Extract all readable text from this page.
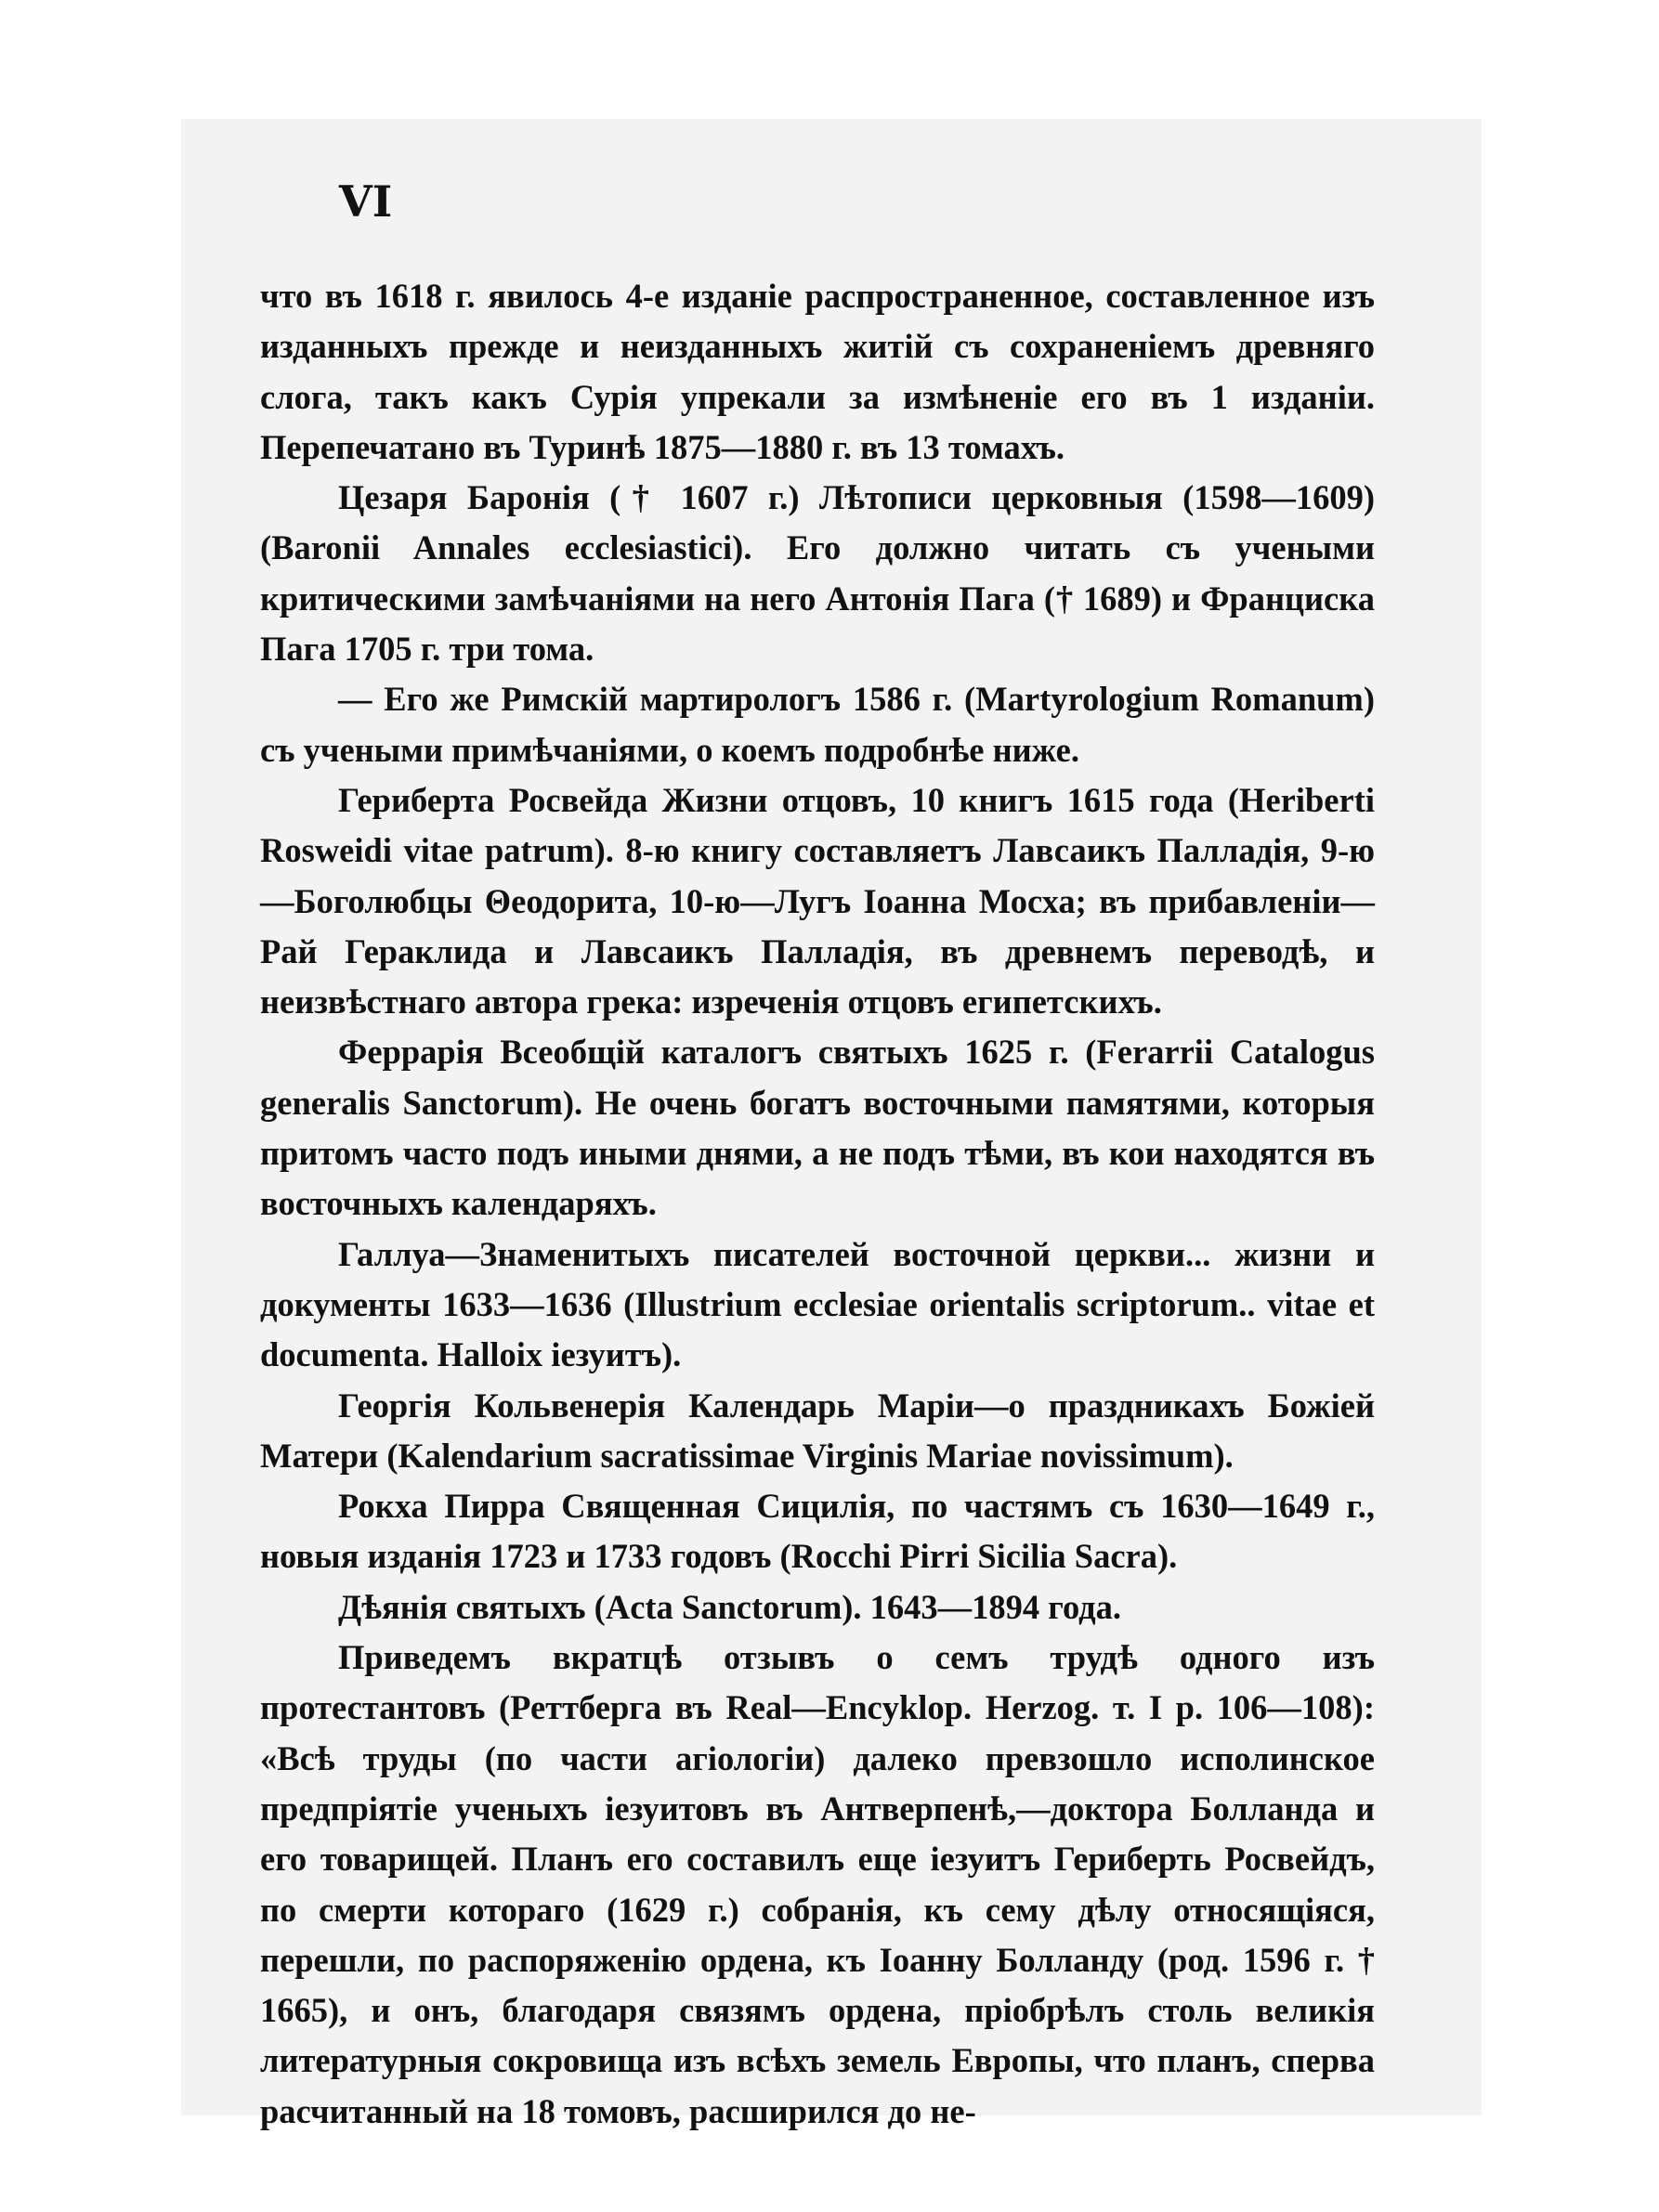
VI

что въ 1618 г. явилось 4-е изданіе распространенное, составленное изъ изданныхъ прежде и неизданныхъ житій съ сохраненіемъ древняго слога, такъ какъ Сурія упрекали за измѣненіе его въ 1 изданіи. Перепечатано въ Туринѣ 1875—1880 г. въ 13 томахъ.

Цезаря Баронія († 1607 г.) Лѣтописи церковныя (1598—1609) (Baronii Annales ecclesiastici). Его должно читать съ учеными критическими замѣчаніями на него Антонія Пага († 1689) и Франциска Пага 1705 г. три тома.

— Его же Римскій мартирологъ 1586 г. (Martyrologium Romanum) съ учеными примѣчаніями, о коемъ подробнѣе ниже.

Гериберта Росвейда Жизни отцовъ, 10 книгъ 1615 года (Heriberti Rosweidi vitae patrum). 8-ю книгу составляетъ Лавсаикъ Палладія, 9-ю—Боголюбцы Θеодорита, 10-ю—Лугъ Іоанна Мосха; въ прибавленіи—Рай Гераклида и Лавсаикъ Палладія, въ древнемъ переводѣ, и неизвѣстнаго автора грека: изреченія отцовъ египетскихъ.

Феррарія Всеобщій каталогъ святыхъ 1625 г. (Ferarrii Catalogus generalis Sanctorum). Не очень богатъ восточными памятями, которыя притомъ часто подъ иными днями, а не подъ тѣми, въ кои находятся въ восточныхъ календаряхъ.

Галлуа—Знаменитыхъ писателей восточной церкви... жизни и документы 1633—1636 (Illustrium ecclesiae orientalis scriptorum.. vitae et documenta. Halloix іезуитъ).

Георгія Кольвенерія Календарь Маріи—о праздникахъ Божіей Матери (Kalendarium sacratissimae Virginis Mariae novissimum).

Рокха Пирра Священная Сицилія, по частямъ съ 1630—1649 г., новыя изданія 1723 и 1733 годовъ (Rocchi Pirri Sicilia Sacra).

Дѣянія святыхъ (Acta Sanctorum). 1643—1894 года.

Приведемъ вкратцѣ отзывъ о семъ трудѣ одного изъ протестантовъ (Реттберга въ Real—Encyklop. Herzog. т. I p. 106—108): «Всѣ труды (по части агіологіи) далеко превзошло исполинское предпріятіе ученыхъ іезуитовъ въ Антверпенѣ,—доктора Болланда и его товарищей. Планъ его составилъ еще іезуитъ Гериберть Росвейдъ, по смерти котораго (1629 г.) собранія, къ сему дѣлу относящіяся, перешли, по распоряженію ордена, къ Іоанну Болланду (род. 1596 г. † 1665), и онъ, благодаря связямъ ордена, пріобрѣлъ столь великія литературныя сокровища изъ всѣхъ земель Европы, что планъ, сперва расчитанный на 18 томовъ, расширился до не-
